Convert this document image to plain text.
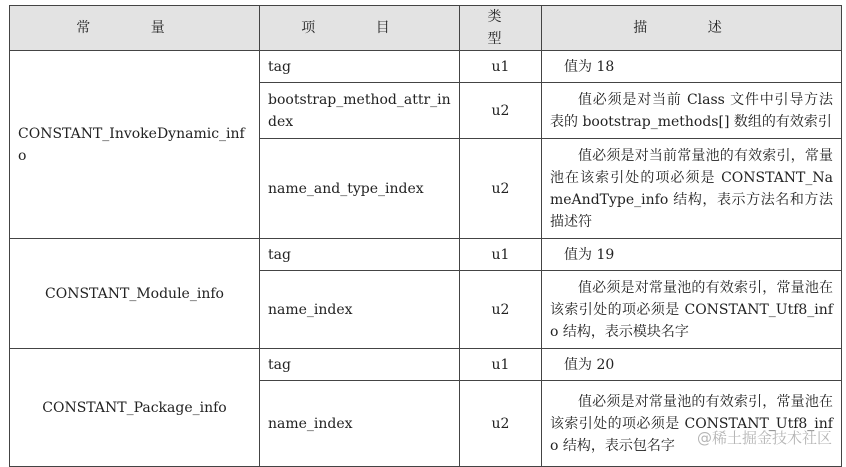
常 量	项 目	类 型	描 述
CONSTANT_InvokeDynamic_info	tag	u1	值为 18

	bootstrap_method_attr_index	u2	值必须是对当前 Class 文件中引导方法表的 bootstrap_methods[] 数组的有效索引

	name_and_type_index	u2	值必须是对当前常量池的有效索引，常量池在该索引处的项必须是 CONSTANT_NameAndType_info 结构，表示方法名和方法描述符

CONSTANT_Module_info	tag	u1	值为 19

	name_index	u2	值必须是对常量池的有效索引，常量池在该索引处的项必须是 CONSTANT_Utf8_info 结构，表示模块名字

CONSTANT_Package_info	tag	u1	值为 20

	name_index	u2	值必须是对常量池的有效索引，常量池在该索引处的项必须是 CONSTANT_Utf8_info 结构，表示包名字	@稀土掘金技术社区
